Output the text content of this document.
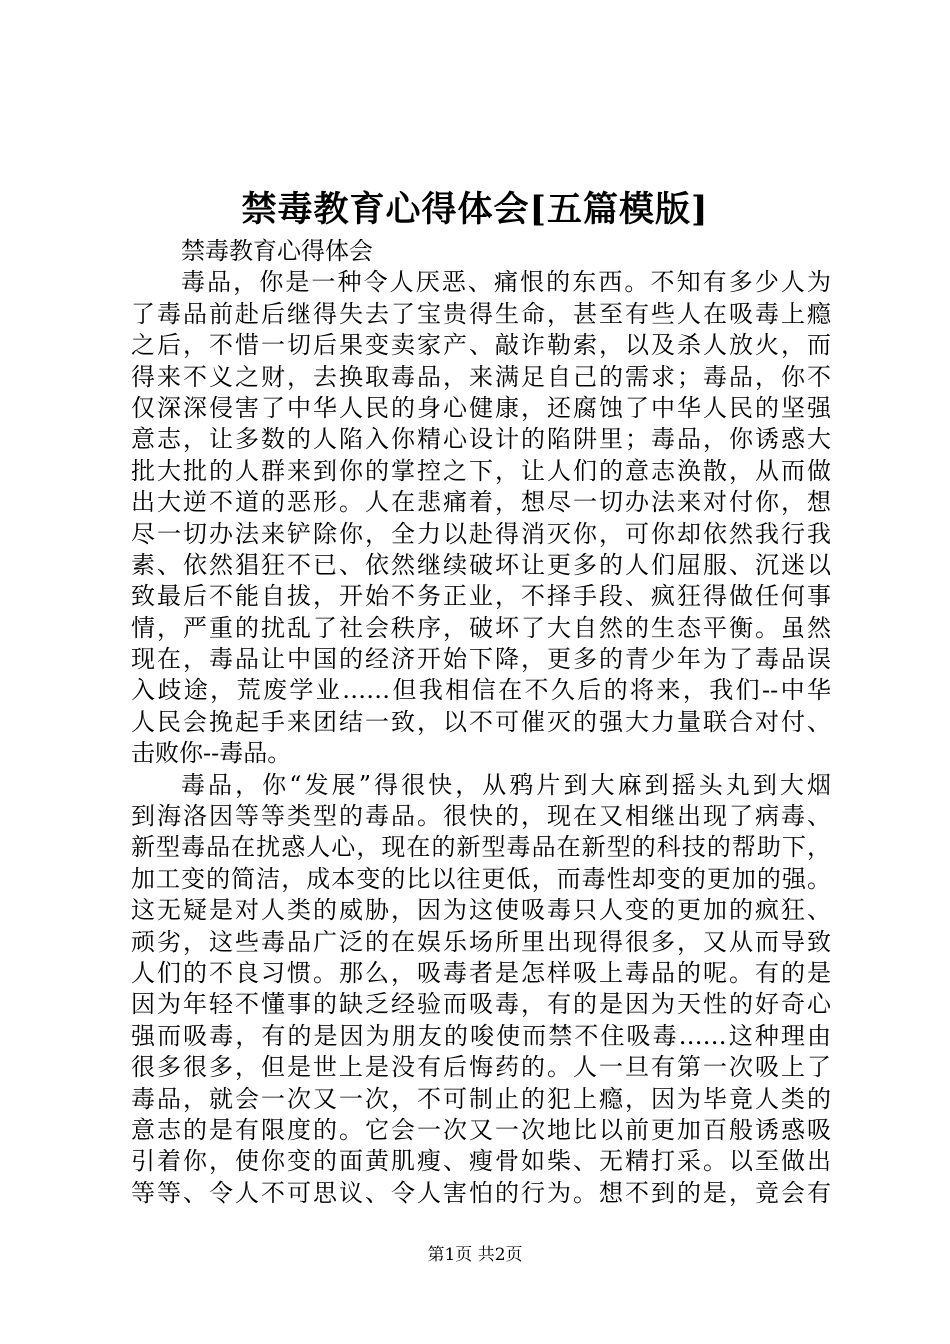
禁毒教育心得体会[五篇模版]
禁毒教育心得体会
毒品，你是一种令人厌恶、痛恨的东西。不知有多少人为
了毒品前赴后继得失去了宝贵得生命，甚至有些人在吸毒上瘾
之后，不惜一切后果变卖家产、敲诈勒索，以及杀人放火，而
得来不义之财，去换取毒品，来满足自己的需求；毒品，你不
仅深深侵害了中华人民的身心健康，还腐蚀了中华人民的坚强
意志，让多数的人陷入你精心设计的陷阱里；毒品，你诱惑大
批大批的人群来到你的掌控之下，让人们的意志涣散，从而做
出大逆不道的恶形。人在悲痛着，想尽一切办法来对付你，想
尽一切办法来铲除你，全力以赴得消灭你，可你却依然我行我
素、依然猖狂不已、依然继续破坏让更多的人们屈服、沉迷以
致最后不能自拔，开始不务正业，不择手段、疯狂得做任何事
情，严重的扰乱了社会秩序，破坏了大自然的生态平衡。虽然
现在，毒品让中国的经济开始下降，更多的青少年为了毒品误
入歧途，荒废学业……但我相信在不久后的将来，我们--中华
人民会挽起手来团结一致，以不可催灭的强大力量联合对付、
击败你--毒品。
毒品，你“发展”得很快，从鸦片到大麻到摇头丸到大烟
到海洛因等等类型的毒品。很快的，现在又相继出现了病毒、
新型毒品在扰惑人心，现在的新型毒品在新型的科技的帮助下，
加工变的简洁，成本变的比以往更低，而毒性却变的更加的强。
这无疑是对人类的威胁，因为这使吸毒只人变的更加的疯狂、
顽劣，这些毒品广泛的在娱乐场所里出现得很多，又从而导致
人们的不良习惯。那么，吸毒者是怎样吸上毒品的呢。有的是
因为年轻不懂事的缺乏经验而吸毒，有的是因为天性的好奇心
强而吸毒，有的是因为朋友的唆使而禁不住吸毒……这种理由
很多很多，但是世上是没有后悔药的。人一旦有第一次吸上了
毒品，就会一次又一次，不可制止的犯上瘾，因为毕竟人类的
意志的是有限度的。它会一次又一次地比以前更加百般诱惑吸
引着你，使你变的面黄肌瘦、瘦骨如柴、无精打采。以至做出
等等、令人不可思议、令人害怕的行为。想不到的是，竟会有
第1页 共2页
